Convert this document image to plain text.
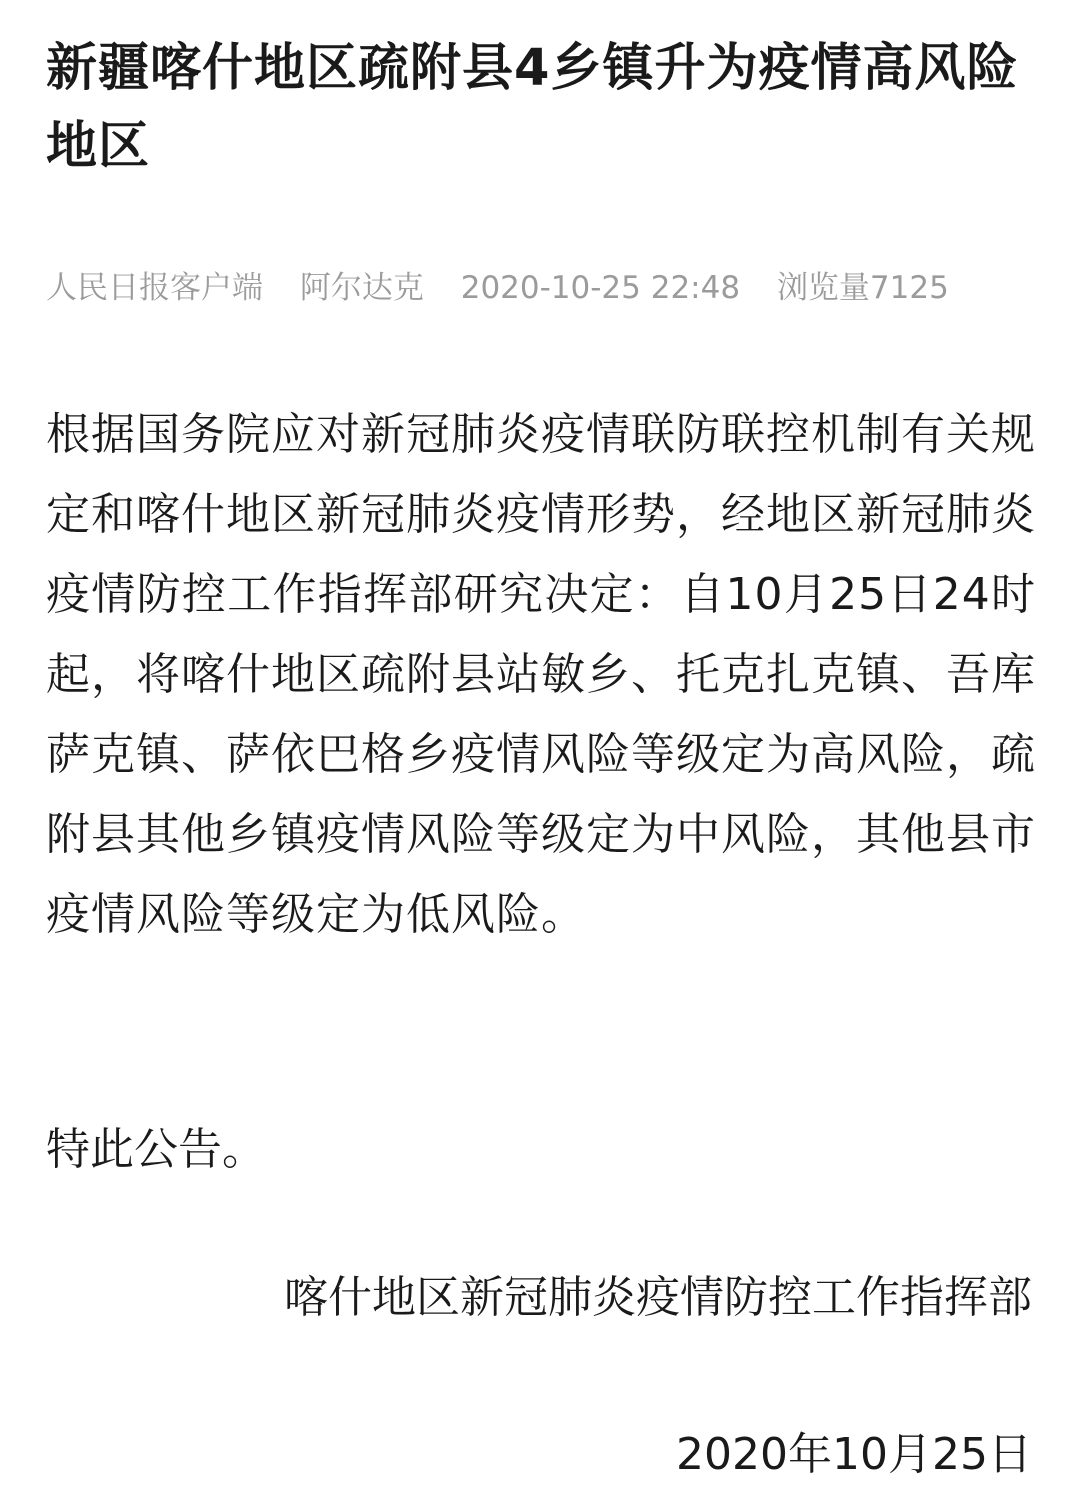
新疆喀什地区疏附县4乡镇升为疫情高风险地区
人民日报客户端 阿尔达克 2020-10-25 22:48 浏览量7125

根据国务院应对新冠肺炎疫情联防联控机制有关规定和喀什地区新冠肺炎疫情形势，经地区新冠肺炎疫情防控工作指挥部研究决定：自10月25日24时起，将喀什地区疏附县站敏乡、托克扎克镇、吾库萨克镇、萨依巴格乡疫情风险等级定为高风险，疏附县其他乡镇疫情风险等级定为中风险，其他县市疫情风险等级定为低风险。

特此公告。

喀什地区新冠肺炎疫情防控工作指挥部

2020年10月25日
